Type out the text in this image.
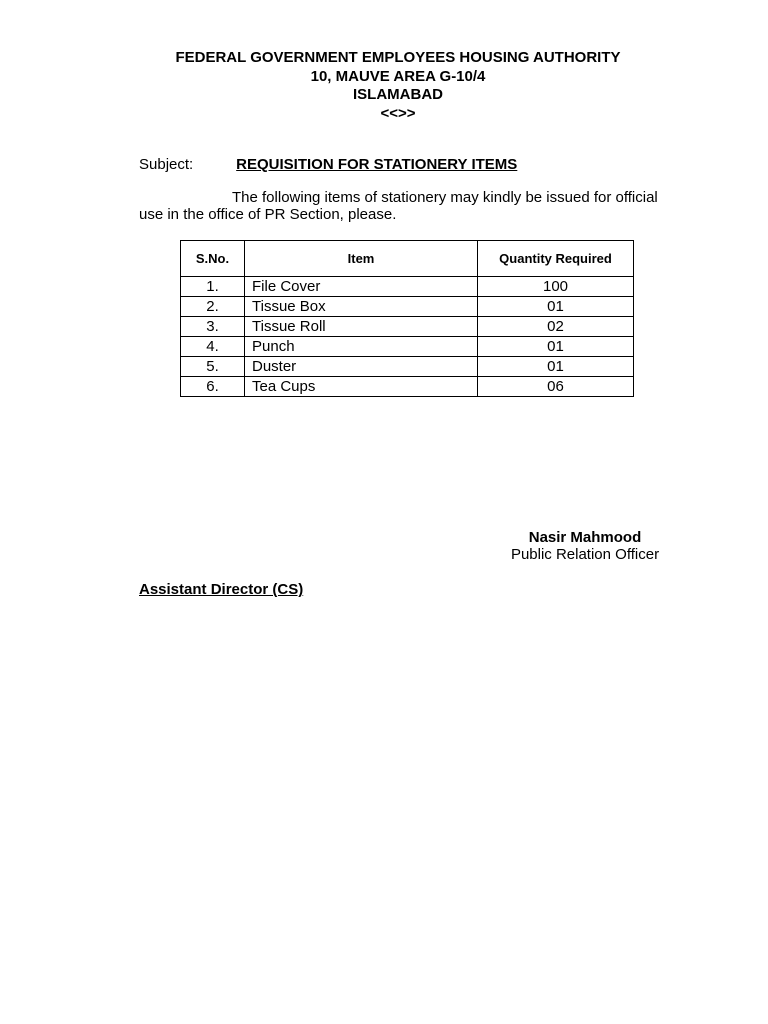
FEDERAL GOVERNMENT EMPLOYEES HOUSING AUTHORITY
10, MAUVE AREA G-10/4
ISLAMABAD
<<>>
Subject:	REQUISITION FOR STATIONERY ITEMS
The following items of stationery may kindly be issued for official
use in the office of PR Section, please.
S.No.	Item	Quantity Required
1.	File Cover	100
2.	Tissue Box	01
3.	Tissue Roll	02
4.	Punch	01
5.	Duster	01
6.	Tea Cups	06
Nasir Mahmood
Public Relation Officer
Assistant Director (CS)
